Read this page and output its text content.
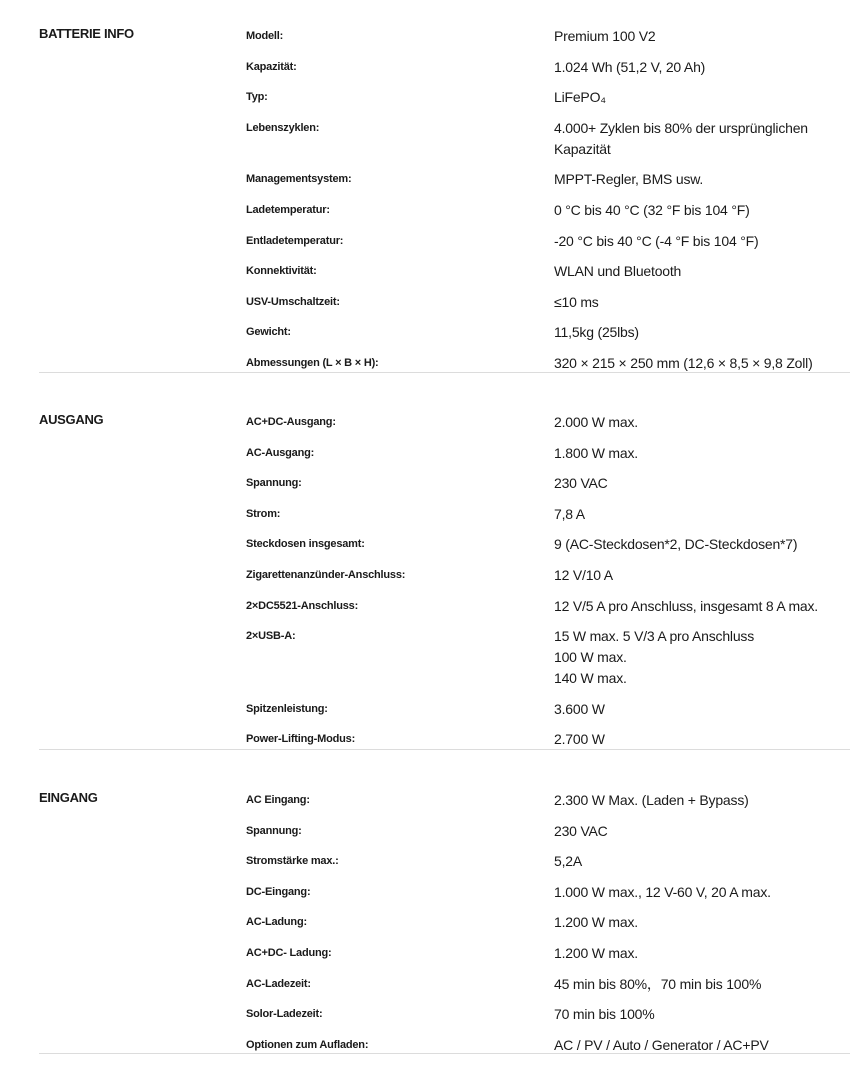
BATTERIE INFO	Modell:	Premium 100 V2
Kapazität:	1.024 Wh (51,2 V, 20 Ah)
Typ:	LiFePO₄
Lebenszyklen:	4.000+ Zyklen bis 80% der ursprünglichen
Kapazität
Managementsystem:	MPPT-Regler, BMS usw.
Ladetemperatur:	0 °C bis 40 °C (32 °F bis 104 °F)
Entladetemperatur:	-20 °C bis 40 °C (-4 °F bis 104 °F)
Konnektivität:	WLAN und Bluetooth
USV-Umschaltzeit:	≤10 ms
Gewicht:	11,5kg (25lbs)
Abmessungen (L × B × H):	320 × 215 × 250 mm (12,6 × 8,5 × 9,8 Zoll)
AUSGANG	AC+DC-Ausgang:	2.000 W max.
AC-Ausgang:	1.800 W max.
Spannung:	230 VAC
Strom:	7,8 A
Steckdosen insgesamt:	9 (AC-Steckdosen*2, DC-Steckdosen*7)
Zigarettenanzünder-Anschluss:	12 V/10 A
2×DC5521-Anschluss:	12 V/5 A pro Anschluss, insgesamt 8 A max.
2×USB-A:	15 W max. 5 V/3 A pro Anschluss
100 W max.
140 W max.
Spitzenleistung:	3.600 W
Power-Lifting-Modus:	2.700 W
EINGANG	AC Eingang:	2.300 W Max. (Laden + Bypass)
Spannung:	230 VAC
Stromstärke max.:	5,2A
DC-Eingang:	1.000 W max., 12 V-60 V, 20 A max.
AC-Ladung:	1.200 W max.
AC+DC- Ladung:	1.200 W max.
AC-Ladezeit:	45 min bis 80%，70 min bis 100%
Solor-Ladezeit:	70 min bis 100%
Optionen zum Aufladen:	AC / PV / Auto / Generator / AC+PV
